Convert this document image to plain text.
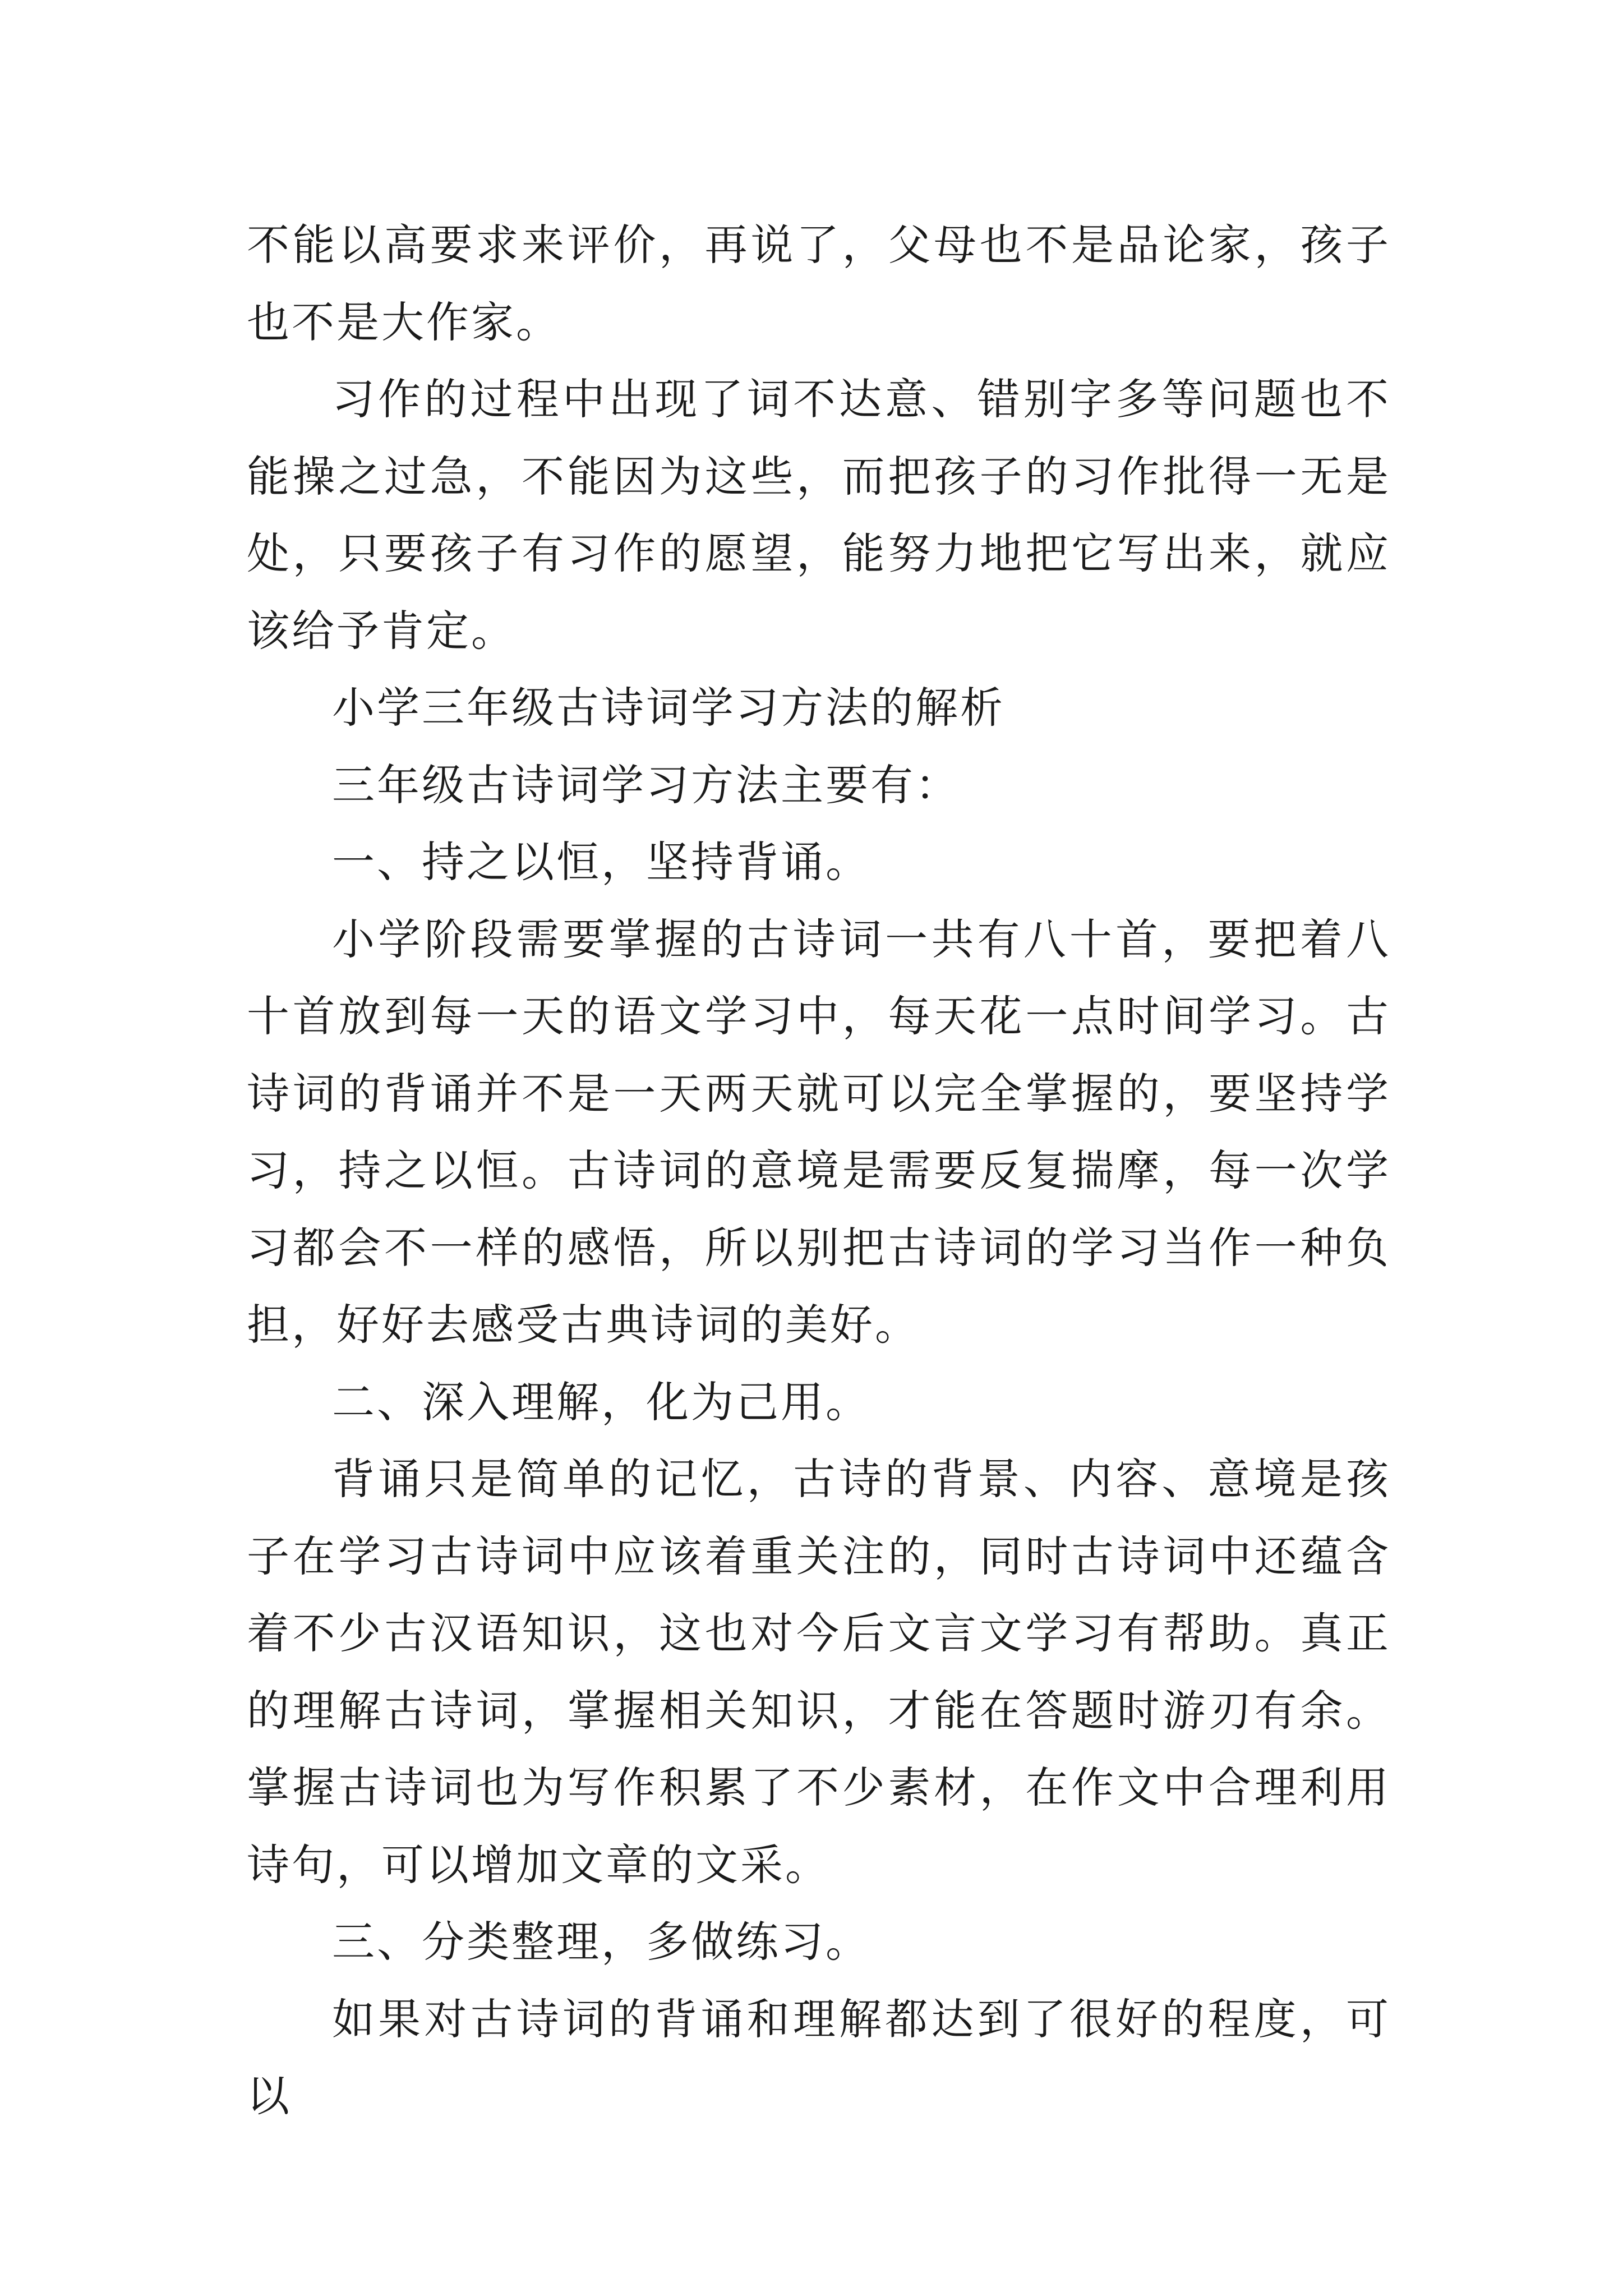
不能以高要求来评价，再说了，父母也不是品论家，孩子也不是大作家。

习作的过程中出现了词不达意、错别字多等问题也不能操之过急，不能因为这些，而把孩子的习作批得一无是处，只要孩子有习作的愿望，能努力地把它写出来，就应该给予肯定。

小学三年级古诗词学习方法的解析

三年级古诗词学习方法主要有：

一、持之以恒，坚持背诵。

小学阶段需要掌握的古诗词一共有八十首，要把着八十首放到每一天的语文学习中，每天花一点时间学习。古诗词的背诵并不是一天两天就可以完全掌握的，要坚持学习，持之以恒。古诗词的意境是需要反复揣摩，每一次学习都会不一样的感悟，所以别把古诗词的学习当作一种负担，好好去感受古典诗词的美好。

二、深入理解，化为己用。

背诵只是简单的记忆，古诗的背景、内容、意境是孩子在学习古诗词中应该着重关注的，同时古诗词中还蕴含着不少古汉语知识，这也对今后文言文学习有帮助。真正的理解古诗词，掌握相关知识，才能在答题时游刃有余。掌握古诗词也为写作积累了不少素材，在作文中合理利用诗句，可以增加文章的文采。

三、分类整理，多做练习。

如果对古诗词的背诵和理解都达到了很好的程度，可以
